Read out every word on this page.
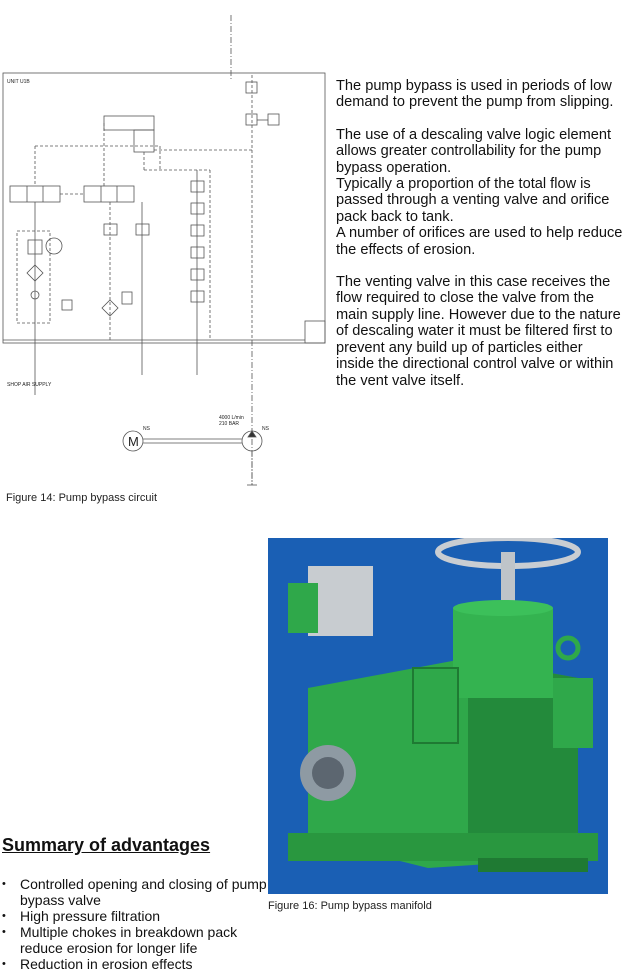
UNIT U1B
SHOP AIR SUPPLY
4000 L/min
210 BAR
NS	NS
M

The pump bypass is used in periods of low demand to prevent the pump from slipping.

The use of a descaling valve logic element allows greater controllability for the pump bypass operation.
Typically a proportion of the total flow is passed through a venting valve and orifice pack back to tank.
A number of orifices are used to help reduce the effects of erosion.

The venting valve in this case receives the flow required to close the valve from the main supply line. However due to the nature of descaling water it must be filtered first to prevent any build up of particles either inside the directional control valve or within the vent valve itself.

Figure 14: Pump bypass circuit
Figure 16: Pump bypass manifold
Summary of advantages
• Controlled opening and closing of pump bypass valve
• High pressure filtration
• Multiple chokes in breakdown pack reduce erosion for longer life
• Reduction in erosion effects
